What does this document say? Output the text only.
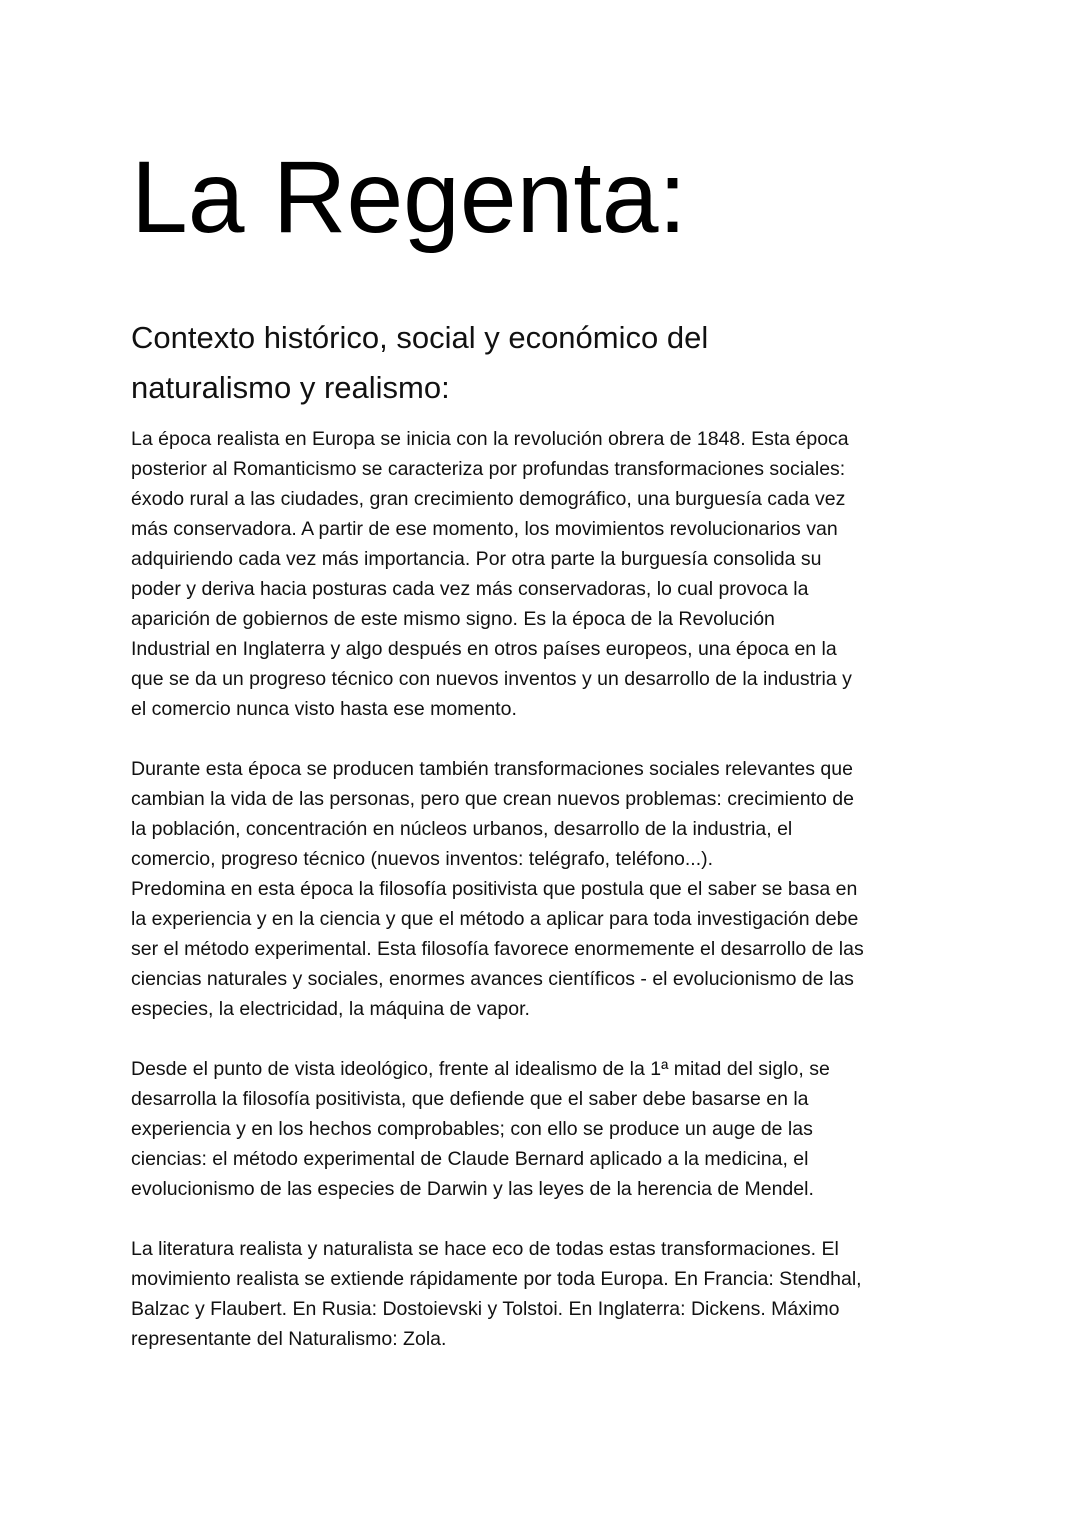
La Regenta:
Contexto histórico, social y económico del
naturalismo y realismo:
La época realista en Europa se inicia con la revolución obrera de 1848. Esta época
posterior al Romanticismo se caracteriza por profundas transformaciones sociales:
éxodo rural a las ciudades, gran crecimiento demográfico, una burguesía cada vez
más conservadora. A partir de ese momento, los movimientos revolucionarios van
adquiriendo cada vez más importancia. Por otra parte la burguesía consolida su
poder y deriva hacia posturas cada vez más conservadoras, lo cual provoca la
aparición de gobiernos de este mismo signo. Es la época de la Revolución
Industrial en Inglaterra y algo después en otros países europeos, una época en la
que se da un progreso técnico con nuevos inventos y un desarrollo de la industria y
el comercio nunca visto hasta ese momento.
Durante esta época se producen también transformaciones sociales relevantes que
cambian la vida de las personas, pero que crean nuevos problemas: crecimiento de
la población, concentración en núcleos urbanos, desarrollo de la industria, el
comercio, progreso técnico (nuevos inventos: telégrafo, teléfono...).
Predomina en esta época la filosofía positivista que postula que el saber se basa en
la experiencia y en la ciencia y que el método a aplicar para toda investigación debe
ser el método experimental. Esta filosofía favorece enormemente el desarrollo de las
ciencias naturales y sociales, enormes avances científicos - el evolucionismo de las
especies, la electricidad, la máquina de vapor.
Desde el punto de vista ideológico, frente al idealismo de la 1ª mitad del siglo, se
desarrolla la filosofía positivista, que defiende que el saber debe basarse en la
experiencia y en los hechos comprobables; con ello se produce un auge de las
ciencias: el método experimental de Claude Bernard aplicado a la medicina, el
evolucionismo de las especies de Darwin y las leyes de la herencia de Mendel.
La literatura realista y naturalista se hace eco de todas estas transformaciones. El
movimiento realista se extiende rápidamente por toda Europa. En Francia: Stendhal,
Balzac y Flaubert. En Rusia: Dostoievski y Tolstoi. En Inglaterra: Dickens. Máximo
representante del Naturalismo: Zola.
